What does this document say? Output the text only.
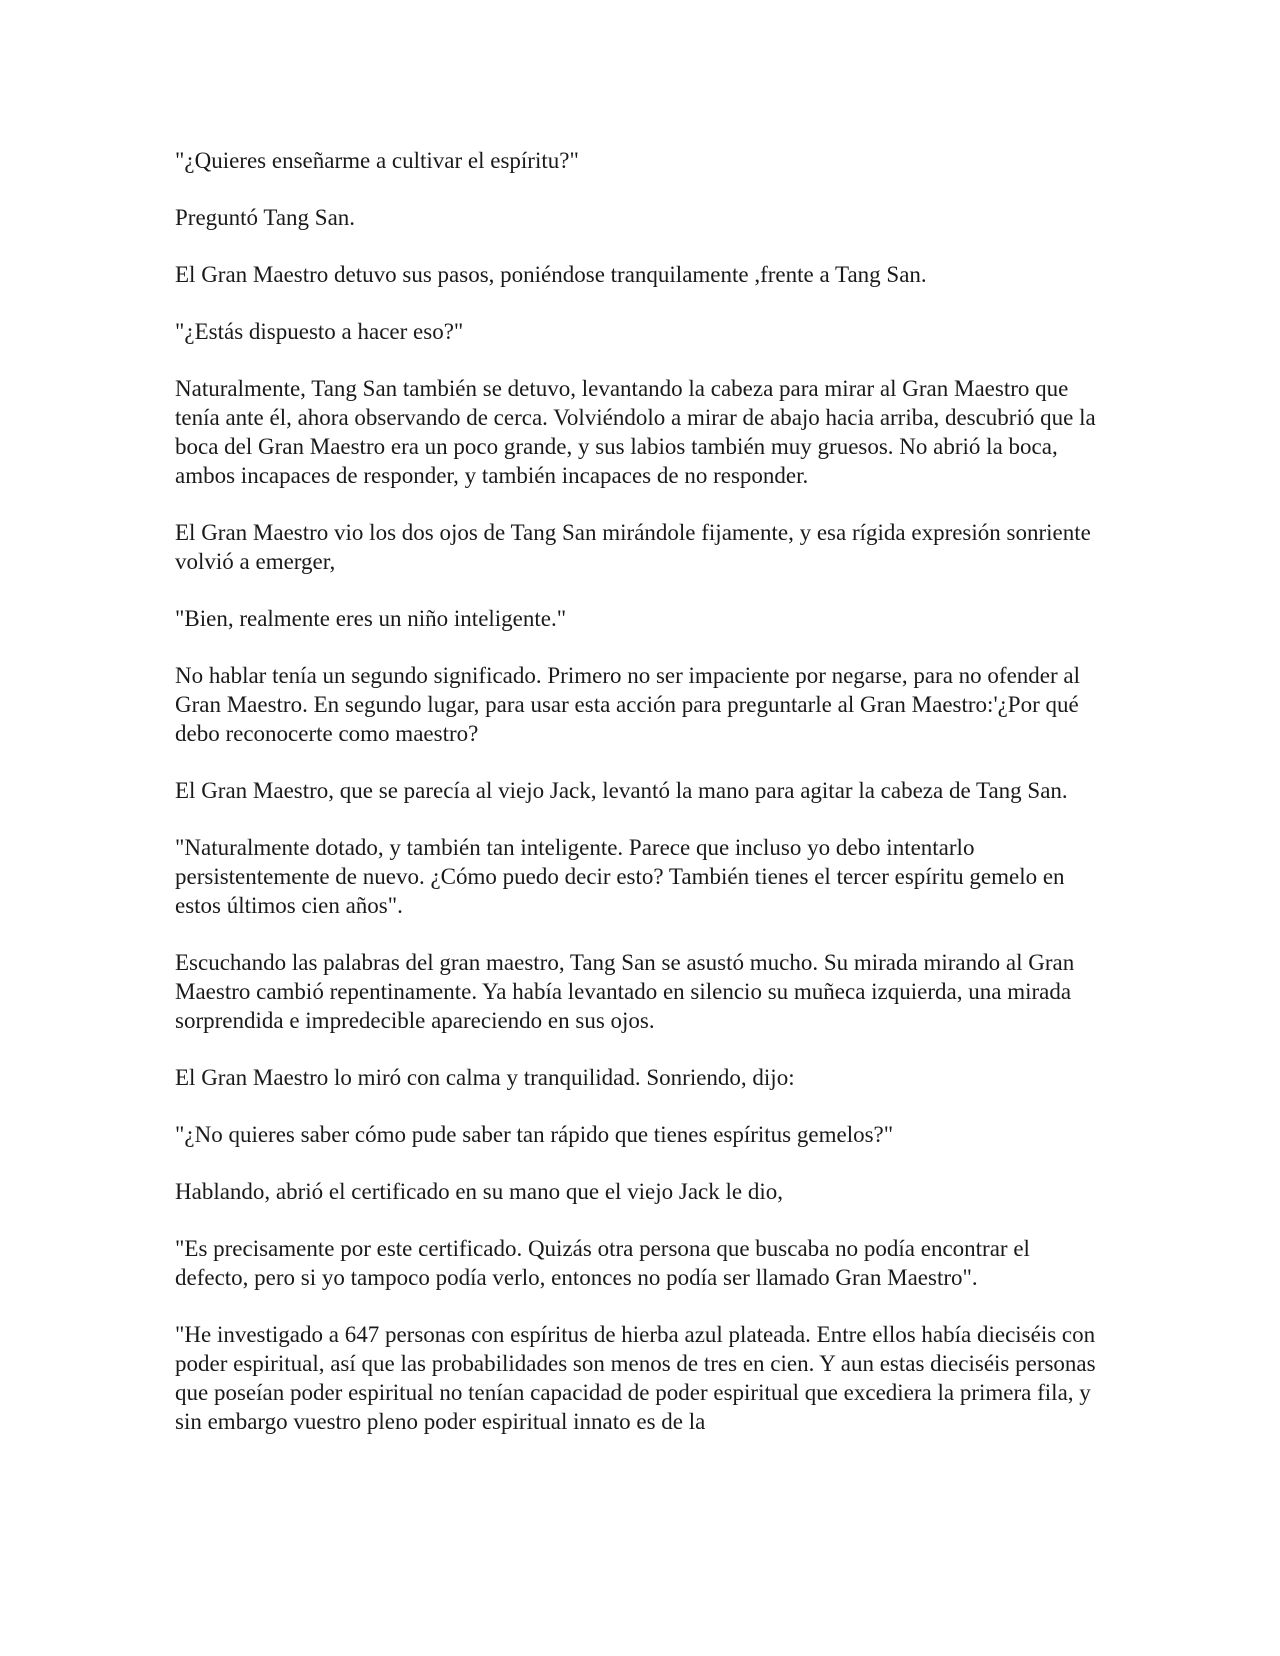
"¿Quieres enseñarme a cultivar el espíritu?"

Preguntó Tang San.

El Gran Maestro detuvo sus pasos, poniéndose tranquilamente ,frente a Tang San.

"¿Estás dispuesto a hacer eso?"

Naturalmente, Tang San también se detuvo, levantando la cabeza para mirar al Gran Maestro que tenía ante él, ahora observando de cerca. Volviéndolo a mirar de abajo hacia arriba, descubrió que la boca del Gran Maestro era un poco grande, y sus labios también muy gruesos. No abrió la boca, ambos incapaces de responder, y también incapaces de no responder.

El Gran Maestro vio los dos ojos de Tang San mirándole fijamente, y esa rígida expresión sonriente volvió a emerger,

"Bien, realmente eres un niño inteligente."

No hablar tenía un segundo significado. Primero no ser impaciente por negarse, para no ofender al Gran Maestro. En segundo lugar, para usar esta acción para preguntarle al Gran Maestro:'¿Por qué debo reconocerte como maestro?

El Gran Maestro, que se parecía al viejo Jack, levantó la mano para agitar la cabeza de Tang San.

"Naturalmente dotado, y también tan inteligente. Parece que incluso yo debo intentarlo persistentemente de nuevo. ¿Cómo puedo decir esto? También tienes el tercer espíritu gemelo en estos últimos cien años".

Escuchando las palabras del gran maestro, Tang San se asustó mucho. Su mirada mirando al Gran Maestro cambió repentinamente. Ya había levantado en silencio su muñeca izquierda, una mirada sorprendida e impredecible apareciendo en sus ojos.

El Gran Maestro lo miró con calma y tranquilidad. Sonriendo, dijo:

"¿No quieres saber cómo pude saber tan rápido que tienes espíritus gemelos?"

Hablando, abrió el certificado en su mano que el viejo Jack le dio,

"Es precisamente por este certificado. Quizás otra persona que buscaba no podía encontrar el defecto, pero si yo tampoco podía verlo, entonces no podía ser llamado Gran Maestro".

"He investigado a 647 personas con espíritus de hierba azul plateada. Entre ellos había dieciséis con poder espiritual, así que las probabilidades son menos de tres en cien. Y aun estas dieciséis personas que poseían poder espiritual no tenían capacidad de poder espiritual que excediera la primera fila, y sin embargo vuestro pleno poder espiritual innato es de la
